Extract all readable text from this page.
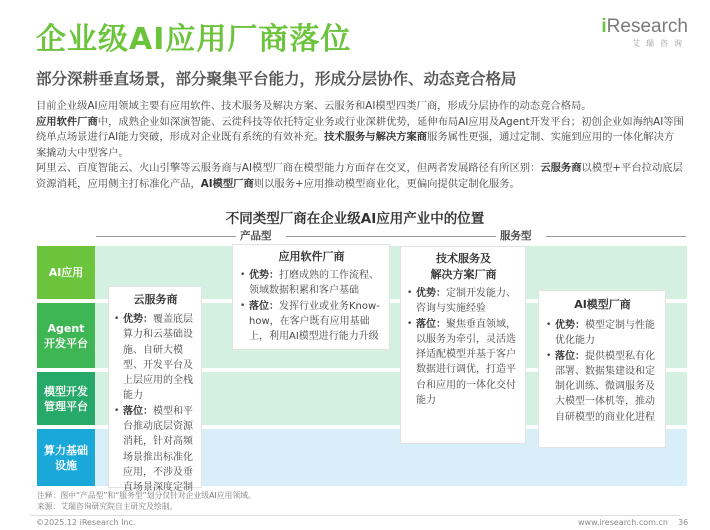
企业级AI应用厂商落位
部分深耕垂直场景，部分聚集平台能力，形成分层协作、动态竞合格局
iResearch
艾瑞咨询

目前企业级AI应用领域主要有应用软件、技术服务及解决方案、云服务和AI模型四类厂商，形成分层协作的动态竞合格局。

应用软件厂商中，成熟企业如深演智能、云徙科技等依托特定业务或行业深耕优势，延伸布局AI应用及Agent开发平台；初创企业如海纳AI等围绕单点场景进行AI能力突破，形成对企业既有系统的有效补充。技术服务与解决方案商服务属性更强，通过定制、实施到应用的一体化解决方案撬动大中型客户。

阿里云、百度智能云、火山引擎等云服务商与AI模型厂商在模型能力方面存在交叉，但两者发展路径有所区别：云服务商以模型+平台拉动底层资源消耗，应用侧主打标准化产品，AI模型厂商则以服务+应用推动模型商业化，更偏向提供定制化服务。

不同类型厂商在企业级AI应用产业中的位置
产品型	服务型
AI应用
Agent
开发平台
模型开发
管理平台
算力基础
设施
云服务商
• 优势：覆盖底层算力和云基础设施、自研大模型、开发平台及上层应用的全栈能力
• 落位：模型和平台推动底层资源消耗，针对高频场景推出标准化应用，不涉及垂直场景深度定制
应用软件厂商
• 优势：打磨成熟的工作流程、领域数据积累和客户基础
• 落位：发挥行业或业务Know-how，在客户既有应用基础上，利用AI模型进行能力升级
技术服务及
解决方案厂商
• 优势：定制开发能力、咨询与实施经验
• 落位：聚焦垂直领域，以服务为牵引，灵活选择适配模型并基于客户数据进行调优，打造平台和应用的一体化交付能力
AI模型厂商
• 优势：模型定制与性能优化能力
• 落位：提供模型私有化部署、数据集建设和定制化训练、微调服务及大模型一体机等，推动自研模型的商业化进程
注释：图中“产品型”和“服务型”划分仅针对企业级AI应用领域。
来源：艾瑞咨询研究院自主研究及绘制。
©2025.12 iResearch Inc.	www.iresearch.com.cn 36
